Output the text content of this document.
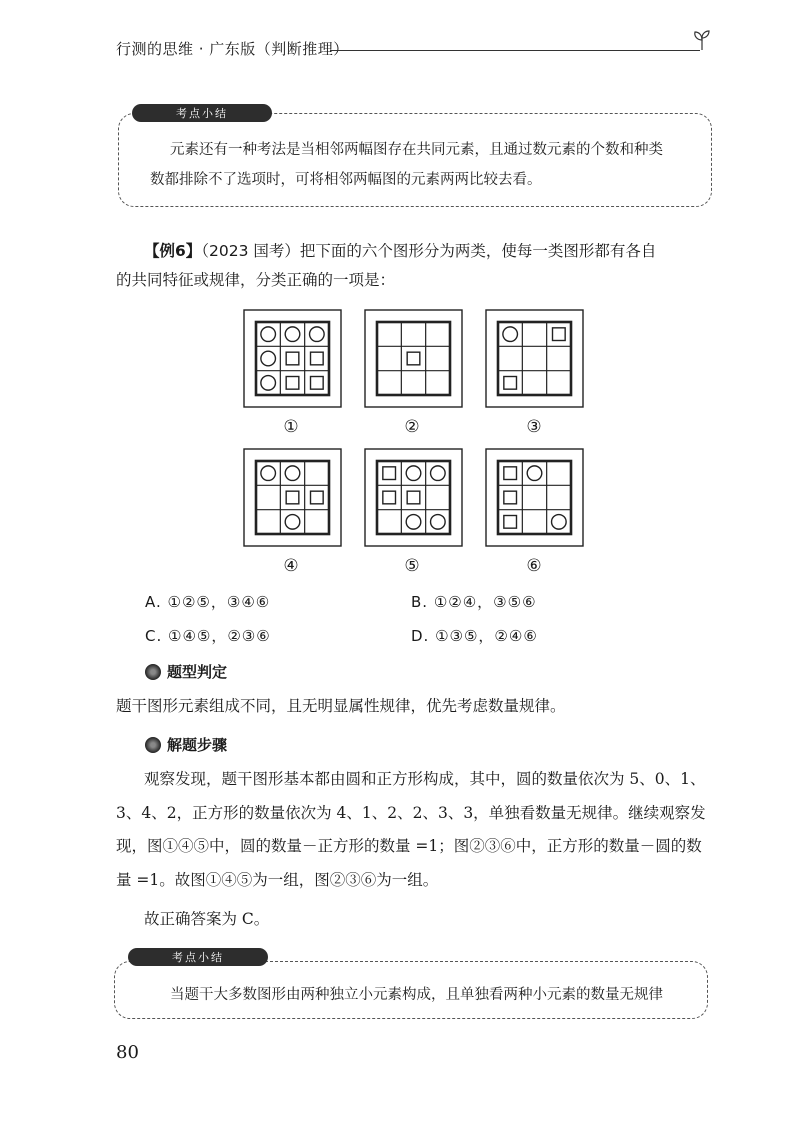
行测的思维 · 广东版（判断推理）
考点小结
元素还有一种考法是当相邻两幅图存在共同元素，且通过数元素的个数和种类
数都排除不了选项时，可将相邻两幅图的元素两两比较去看。
【例6】（2023 国考）把下面的六个图形分为两类，使每一类图形都有各自
的共同特征或规律，分类正确的一项是：
①	②	③
④	⑤	⑥
A. ①②⑤，③④⑥	B. ①②④，③⑤⑥
C. ①④⑤，②③⑥	D. ①③⑤，②④⑥
题型判定
题干图形元素组成不同，且无明显属性规律，优先考虑数量规律。
解题步骤
观察发现，题干图形基本都由圆和正方形构成，其中，圆的数量依次为 5、0、1、
3、4、2，正方形的数量依次为 4、1、2、2、3、3，单独看数量无规律。继续观察发
现，图①④⑤中，圆的数量－正方形的数量 =1；图②③⑥中，正方形的数量－圆的数
量 =1。故图①④⑤为一组，图②③⑥为一组。
故正确答案为 C。
考点小结
当题干大多数图形由两种独立小元素构成，且单独看两种小元素的数量无规律
80
